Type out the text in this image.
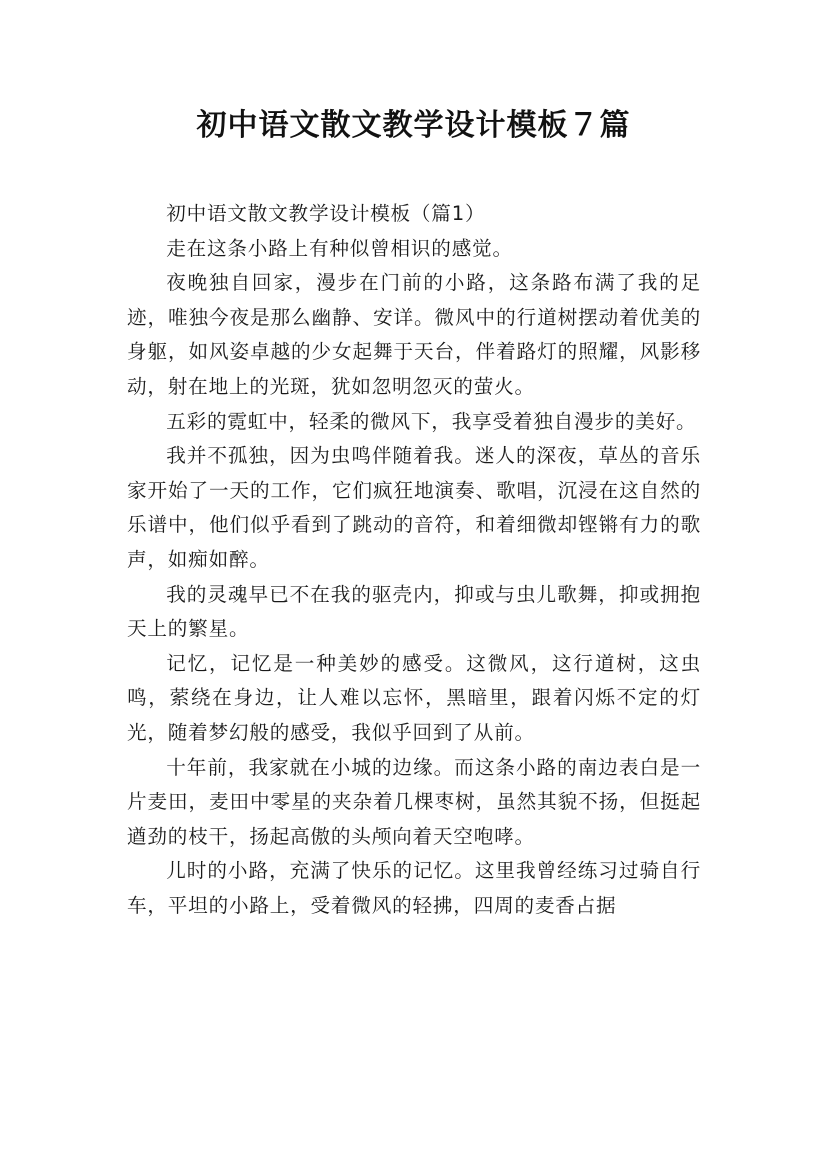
初中语文散文教学设计模板７篇

初中语文散文教学设计模板（篇1）

走在这条小路上有种似曾相识的感觉。

夜晚独自回家，漫步在门前的小路，这条路布满了我的足迹，唯独今夜是那么幽静、安详。微风中的行道树摆动着优美的身躯，如风姿卓越的少女起舞于天台，伴着路灯的照耀，风影移动，射在地上的光斑，犹如忽明忽灭的萤火。

五彩的霓虹中，轻柔的微风下，我享受着独自漫步的美好。

我并不孤独，因为虫鸣伴随着我。迷人的深夜，草丛的音乐家开始了一天的工作，它们疯狂地演奏、歌唱，沉浸在这自然的乐谱中，他们似乎看到了跳动的音符，和着细微却铿锵有力的歌声，如痴如醉。

我的灵魂早已不在我的驱壳内，抑或与虫儿歌舞，抑或拥抱天上的繁星。

记忆，记忆是一种美妙的感受。这微风，这行道树，这虫鸣，萦绕在身边，让人难以忘怀，黑暗里，跟着闪烁不定的灯光，随着梦幻般的感受，我似乎回到了从前。

十年前，我家就在小城的边缘。而这条小路的南边表白是一片麦田，麦田中零星的夹杂着几棵枣树，虽然其貌不扬，但挺起遒劲的枝干，扬起高傲的头颅向着天空咆哮。

儿时的小路，充满了快乐的记忆。这里我曾经练习过骑自行车，平坦的小路上，受着微风的轻拂，四周的麦香占据
